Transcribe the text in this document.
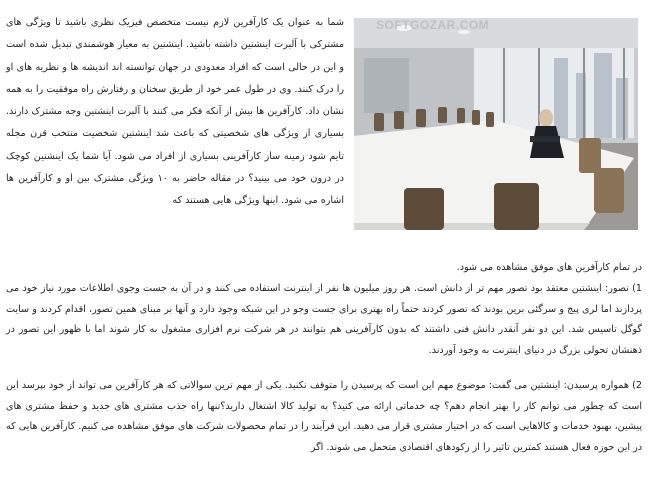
شما به عنوان یک کارآفرین لازم نیست متخصص فیزیک نظری باشید تا ویژگی های مشترکی با آلبرت اینشتین داشته باشید. اینشتین به معیار هوشمندی تبدیل شده است و این در حالی است که افراد معدودی در جهان توانسته اند اندیشه ها و نظریه های او را درک کنند. وی در طول عمر خود از طریق سخنان و رفتارش راه موفقیت را به همه نشان داد. کارآفرین ها بیش از آنکه فکر می کنند با آلبرت اینشتین وجه مشترک دارند. بسیاری از ویژگی های شخصیتی که باعث شد اینشتین شخصیت منتخب قرن مجله تایم شود زمینه ساز کارآفرینی بسیاری از افراد می شود. آیا شما یک اینشتین کوچک در درون خود می بینید؟ در مقاله حاضر به ۱۰ ویژگی مشترک بین او و کارآفرین ها اشاره می شود. اینها ویژگی هایی هستند که

SOFTGOZAR.COM

در تمام کارآفرین های موفق مشاهده می شود.

1) تصور: اینشتین معتقد بود تصور مهم تر از دانش است. هر روز میلیون ها نفر از اینترنت استفاده می کنند و در آن به جست وجوی اطلاعات مورد نیاز خود می پردازند اما لری پیج و سرگئی برین بودند که تصور کردند حتماً راه بهتری برای جست وجو در این شبکه وجود دارد و آنها بر مبنای همین تصور، اقدام کردند و سایت گوگل تاسیس شد. این دو نفر آنقدر دانش فنی داشتند که بدون کارآفرینی هم بتوانند در هر شرکت نرم افزاری مشغول به کار شوند اما با ظهور این تصور در ذهنشان تحولی بزرگ در دنیای اینترنت به وجود آوردند.

2) همواره پرسیدن: اینشتین می گفت: موضوع مهم این است که پرسیدن را متوقف نکنید. یکی از مهم ترین سوالاتی که هر کارآفرین می تواند از خود بپرسد این است که چطور می توانم کار را بهتر انجام دهم؟ چه خدماتی ارائه می کنید؟ به تولید کالا اشتغال دارید؟تنها راه جذب مشتری های جدید و حفظ مشتری های پیشین، بهبود خدمات و کالاهایی است که در اختیار مشتری قرار می دهید. این فرآیند را در تمام محصولات شرکت های موفق مشاهده می کنیم. کارآفرین هایی که در این حوزه فعال هستند کمترین تاثیر را از رکودهای اقتصادی متحمل می شوند. اگر
